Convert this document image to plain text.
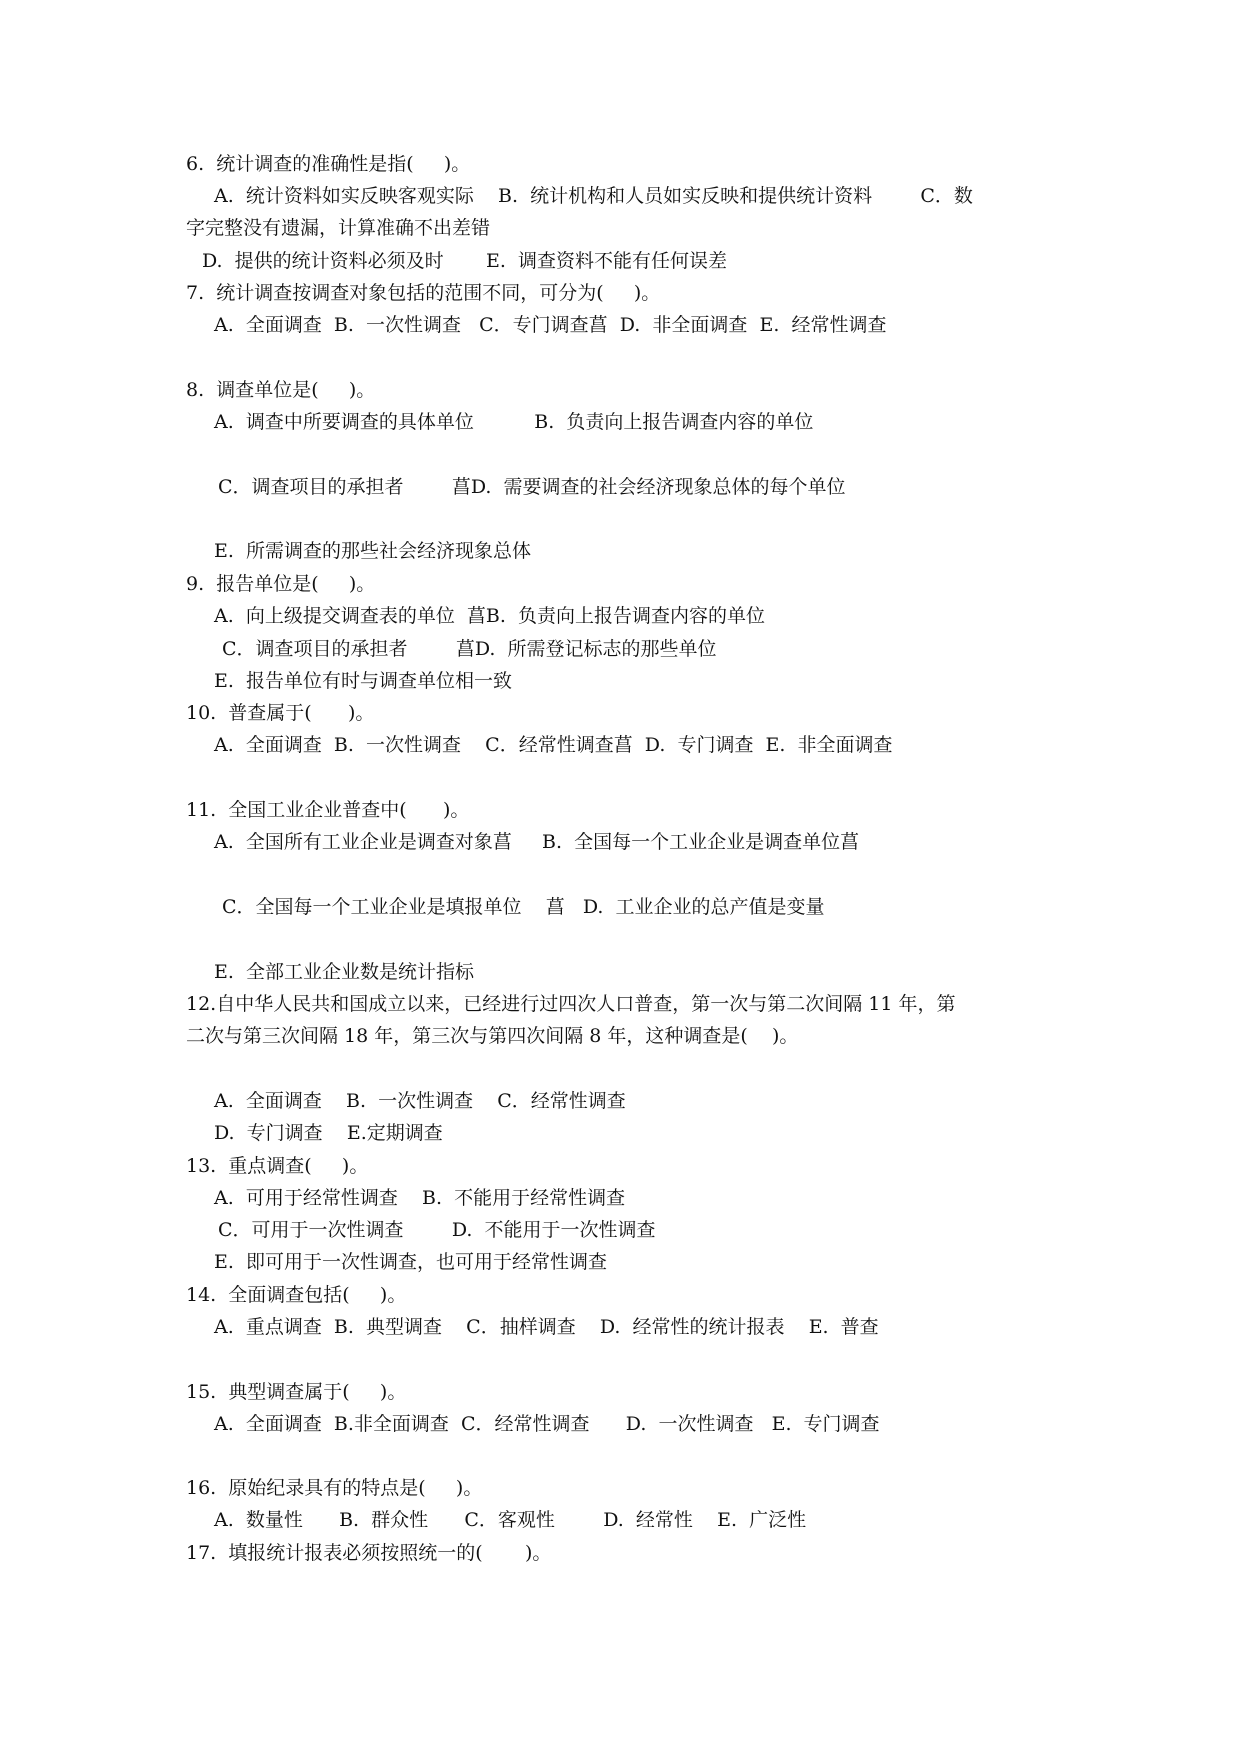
6.  统计调查的准确性是指(     )。
A.  统计资料如实反映客观实际    B.  统计机构和人员如实反映和提供统计资料        C．数
字完整没有遗漏，计算准确不出差错
D.  提供的统计资料必须及时       E.  调查资料不能有任何误差
7.  统计调查按调查对象包括的范围不同，可分为(     )。
A.  全面调查  B.  一次性调查   C．专门调查菖  D.  非全面调查  E.  经常性调查
8.  调查单位是(     )。
A.  调查中所要调查的具体单位          B.  负责向上报告调查内容的单位
C．调查项目的承担者        菖D.  需要调查的社会经济现象总体的每个单位
E.  所需调查的那些社会经济现象总体
9.  报告单位是(     )。
A.  向上级提交调查表的单位  菖B.  负责向上报告调查内容的单位
C．调查项目的承担者        菖D.  所需登记标志的那些单位
E.  报告单位有时与调查单位相一致
10.  普查属于(      )。
A.  全面调查  B.  一次性调查    C．经常性调查菖  D.  专门调查  E.  非全面调查
11.  全国工业企业普查中(      )。
A.  全国所有工业企业是调查对象菖     B.  全国每一个工业企业是调查单位菖
C．全国每一个工业企业是填报单位    菖   D.  工业企业的总产值是变量
E.  全部工业企业数是统计指标
12.自中华人民共和国成立以来，已经进行过四次人口普查，第一次与第二次间隔 11 年，第
二次与第三次间隔 18 年，第三次与第四次间隔 8 年，这种调查是(    )。
A.  全面调查    B.  一次性调查    C．经常性调查
D.  专门调查    E.定期调查
13.  重点调查(     )。
A.  可用于经常性调查    B.  不能用于经常性调查
C．可用于一次性调查        D.  不能用于一次性调查
E.  即可用于一次性调查，也可用于经常性调查
14.  全面调查包括(     )。
A.  重点调查  B.  典型调查    C．抽样调查    D.  经常性的统计报表    E.  普查
15.  典型调查属于(     )。
A.  全面调查  B.非全面调查  C．经常性调查      D.  一次性调查   E.  专门调查
16.  原始纪录具有的特点是(     )。
A.  数量性      B.  群众性      C．客观性        D.  经常性    E.  广泛性
17.  填报统计报表必须按照统一的(       )。
